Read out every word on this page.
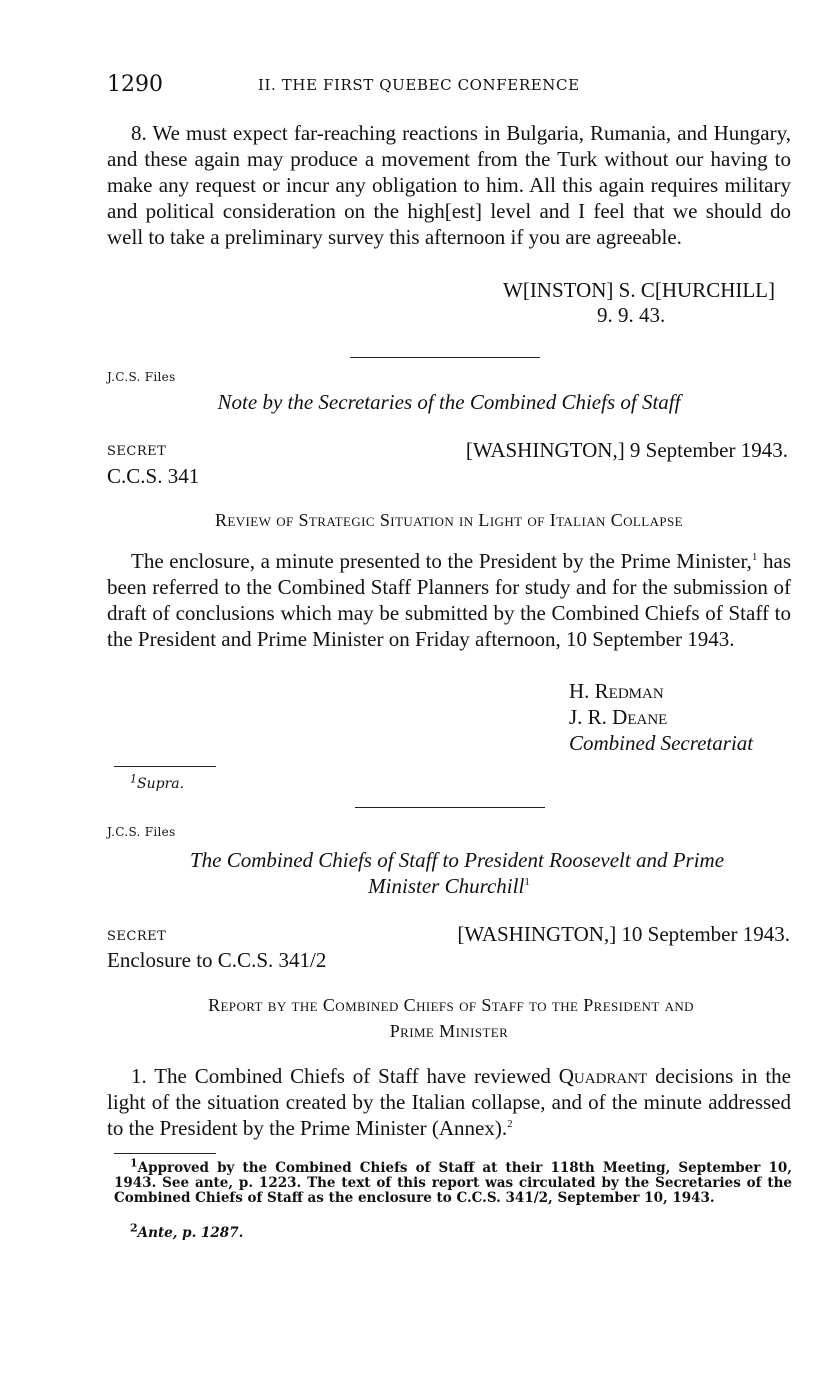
1290	II. THE FIRST QUEBEC CONFERENCE

8. We must expect far-reaching reactions in Bulgaria, Rumania, and Hungary, and these again may produce a movement from the Turk without our having to make any request or incur any obligation to him. All this again requires military and political consideration on the high[est] level and I feel that we should do well to take a preliminary survey this afternoon if you are agreeable.

W[INSTON] S. C[HURCHILL]
9. 9. 43.
J.C.S. Files
Note by the Secretaries of the Combined Chiefs of Staff
SECRET	[WASHINGTON,] 9 September 1943.
C.C.S. 341
Review of Strategic Situation in Light of Italian Collapse

The enclosure, a minute presented to the President by the Prime Minister,$^1$ has been referred to the Combined Staff Planners for study and for the submission of draft of conclusions which may be submitted by the Combined Chiefs of Staff to the President and Prime Minister on Friday afternoon, 10 September 1943.

H. Redman
J. R. Deane
Combined Secretariat
$^1$Supra.
J.C.S. Files
The Combined Chiefs of Staff to President Roosevelt and Prime
Minister Churchill$^1$
SECRET	[WASHINGTON,] 10 September 1943.
Enclosure to C.C.S. 341/2
Report by the Combined Chiefs of Staff to the President and
Prime Minister

1. The Combined Chiefs of Staff have reviewed Quadrant decisions in the light of the situation created by the Italian collapse, and of the minute addressed to the President by the Prime Minister (Annex).$^2$

$^1$Approved by the Combined Chiefs of Staff at their 118th Meeting, September 10, 1943. See ante, p. 1223. The text of this report was circulated by the Secretaries of the Combined Chiefs of Staff as the enclosure to C.C.S. 341/2, September 10, 1943.
$^2$Ante, p. 1287.
